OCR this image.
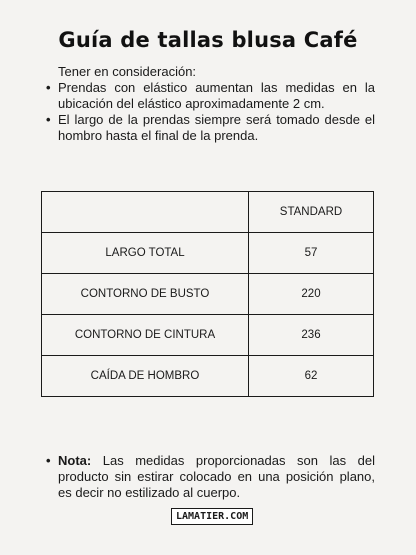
Guía de tallas blusa Café

Tener en consideración:

• Prendas con elástico aumentan las medidas en la ubicación del elástico aproximadamente 2 cm.
• El largo de la prendas siempre será tomado desde el hombro hasta el final de la prenda.
	STANDARD
LARGO TOTAL	57
CONTORNO DE BUSTO	220
CONTORNO DE CINTURA	236
CAÍDA DE HOMBRO	62
• Nota: Las medidas proporcionadas son las del producto sin estirar colocado en una posición plano, es decir no estilizado al cuerpo.
LAMATIER.COM
